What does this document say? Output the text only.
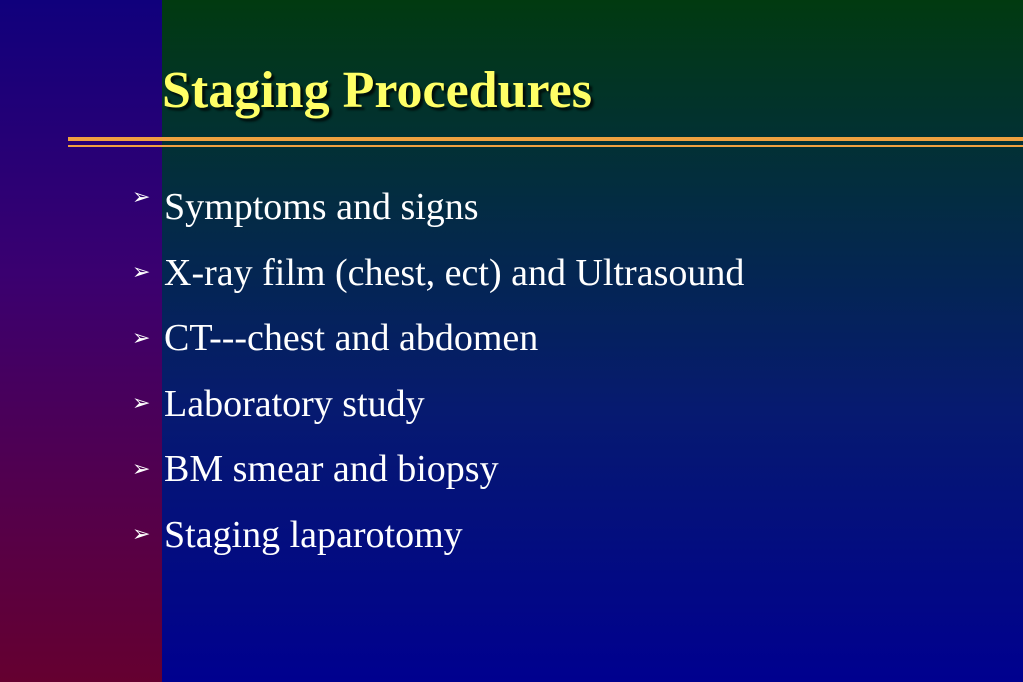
Staging Procedures
➢ Symptoms and signs
➢ X-ray film (chest, ect) and Ultrasound
➢ CT---chest and abdomen
➢ Laboratory study
➢ BM smear and biopsy
➢ Staging laparotomy
